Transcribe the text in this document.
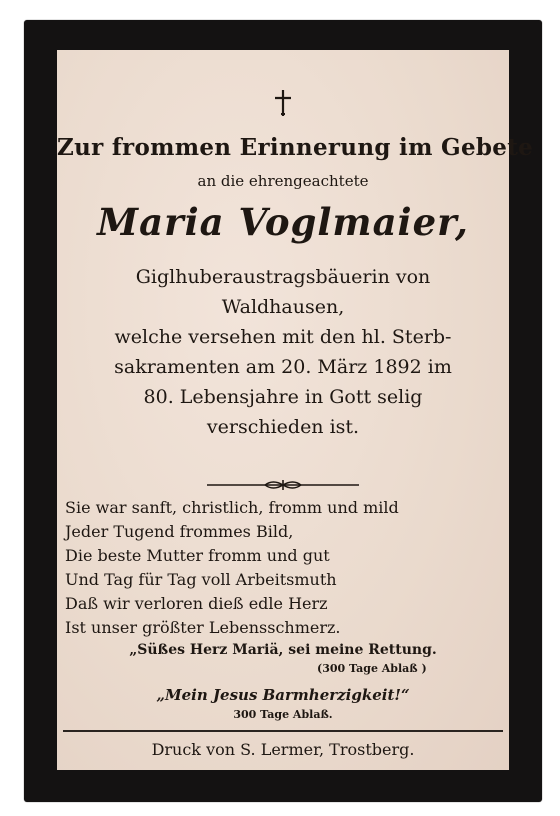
Zur frommen Erinnerung im Gebete
an die ehrengeachtete
Maria Voglmaier,
Giglhuberaustragsbäuerin von
Waldhausen,
welche versehen mit den hl. Sterb-
sakramenten am 20. März 1892 im
80. Lebensjahre in Gott selig
verschieden ist.
Sie war sanft, christlich, fromm und mild
Jeder Tugend frommes Bild,
Die beste Mutter fromm und gut
Und Tag für Tag voll Arbeitsmuth
Daß wir verloren dieß edle Herz
Ist unser größter Lebensschmerz.
„Süßes Herz Mariä, sei meine Rettung.
(300 Tage Ablaß )
„Mein Jesus Barmherzigkeit!“
300 Tage Ablaß.
Druck von S. Lermer, Trostberg.
